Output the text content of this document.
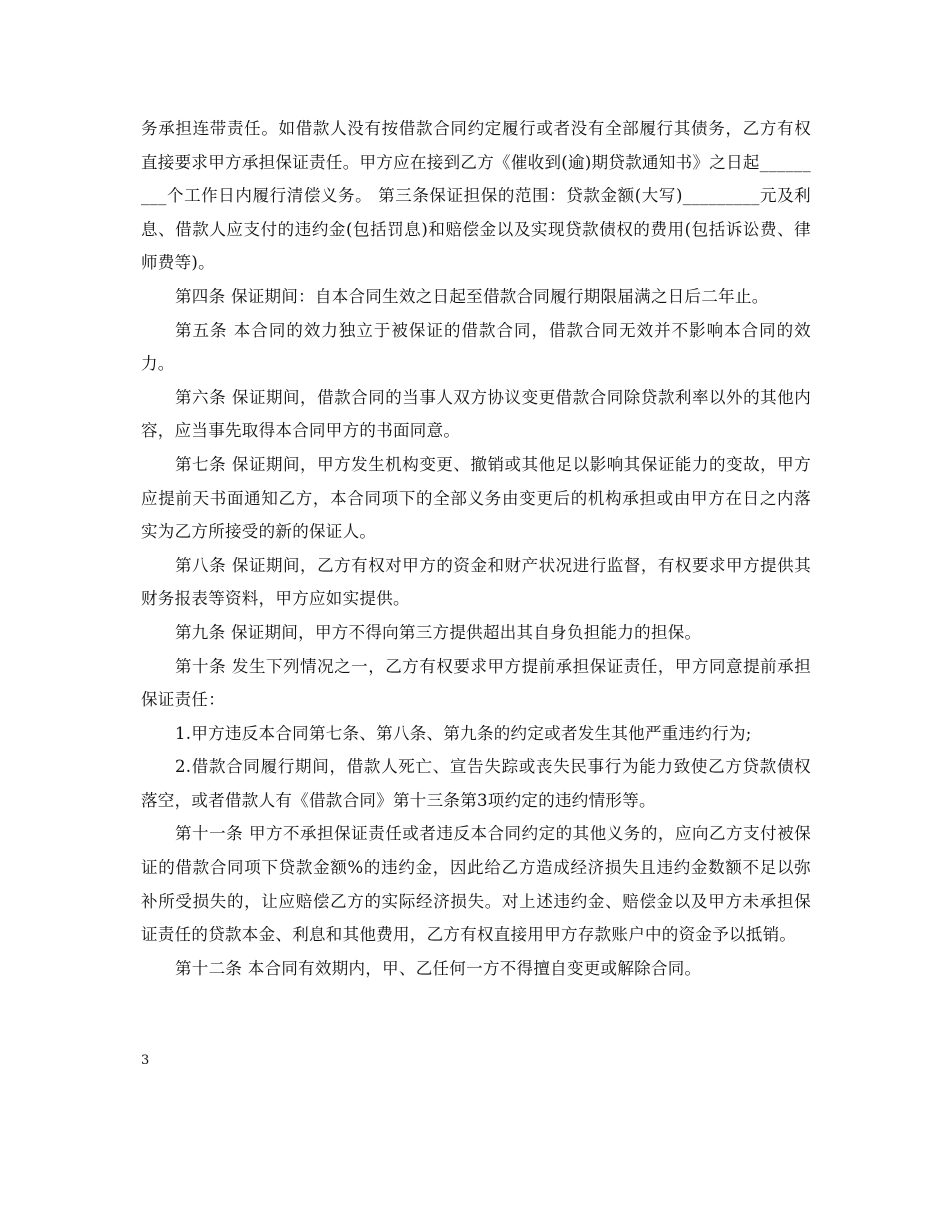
务承担连带责任。如借款人没有按借款合同约定履行或者没有全部履行其债务，乙方有权直接要求甲方承担保证责任。甲方应在接到乙方《催收到(逾)期贷款通知书》之日起_________个工作日内履行清偿义务。 第三条保证担保的范围：贷款金额(大写)_________元及利息、借款人应支付的违约金(包括罚息)和赔偿金以及实现贷款债权的费用(包括诉讼费、律师费等)。

第四条 保证期间：自本合同生效之日起至借款合同履行期限届满之日后二年止。

第五条 本合同的效力独立于被保证的借款合同，借款合同无效并不影响本合同的效力。

第六条 保证期间，借款合同的当事人双方协议变更借款合同除贷款利率以外的其他内容，应当事先取得本合同甲方的书面同意。

第七条 保证期间，甲方发生机构变更、撤销或其他足以影响其保证能力的变故，甲方应提前天书面通知乙方，本合同项下的全部义务由变更后的机构承担或由甲方在日之内落实为乙方所接受的新的保证人。

第八条 保证期间，乙方有权对甲方的资金和财产状况进行监督，有权要求甲方提供其财务报表等资料，甲方应如实提供。

第九条 保证期间，甲方不得向第三方提供超出其自身负担能力的担保。

第十条 发生下列情况之一，乙方有权要求甲方提前承担保证责任，甲方同意提前承担保证责任：

1.甲方违反本合同第七条、第八条、第九条的约定或者发生其他严重违约行为;

2.借款合同履行期间，借款人死亡、宣告失踪或丧失民事行为能力致使乙方贷款债权落空，或者借款人有《借款合同》第十三条第3项约定的违约情形等。

第十一条 甲方不承担保证责任或者违反本合同约定的其他义务的，应向乙方支付被保证的借款合同项下贷款金额%的违约金，因此给乙方造成经济损失且违约金数额不足以弥补所受损失的，让应赔偿乙方的实际经济损失。对上述违约金、赔偿金以及甲方未承担保证责任的贷款本金、利息和其他费用，乙方有权直接用甲方存款账户中的资金予以抵销。

第十二条 本合同有效期内，甲、乙任何一方不得擅自变更或解除合同。

3
